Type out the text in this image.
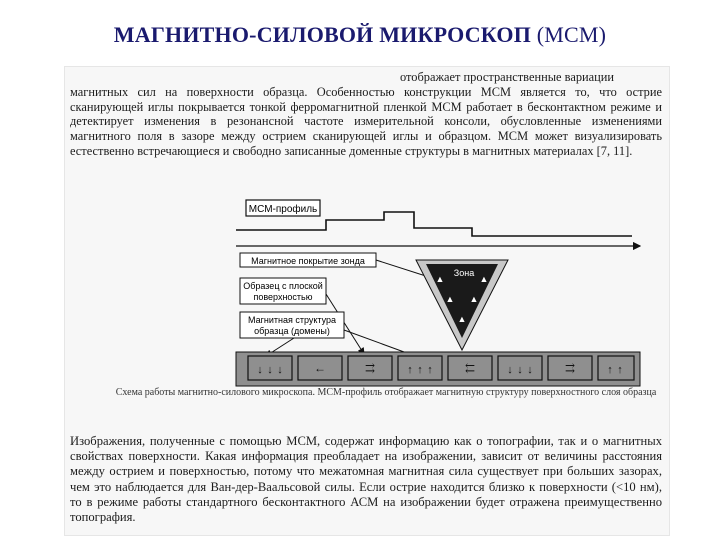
МАГНИТНО-СИЛОВОЙ МИКРОСКОП (МСМ)
отображает пространственные вариации
магнитных сил на поверхности образца. Особенностью конструкции МСМ является то, что острие сканирующей иглы покрывается тонкой ферромагнитной пленкой МСМ работает в бесконтактном режиме и детектирует изменения в резонансной частоте измерительной консоли, обусловленные изменениями магнитного поля в зазоре между острием сканирующей иглы и образцом. МСМ может визуализировать естественно встречающиеся и свободно записанные доменные структуры в магнитных материалах [7, 11].
МСМ-профиль
Магнитное покрытие зонда
Образец с плоской
поверхностью
Магнитная структура
образца (домены)
▲	▲
▲ ▲
▲
Зона
↓ ↓ ↓	←	⇉	↑ ↑ ↑	⇇	↓ ↓ ↓	⇉	↑ ↑
Схема работы магнитно-силового микроскопа. МСМ-профиль отображает магнитную структуру поверхностного слоя образца
Изображения, полученные с помощью МСМ, содержат информацию как о топографии, так и о магнитных свойствах поверхности. Какая информация преобладает на изображении, зависит от величины расстояния между острием и поверхностью, потому что межатомная магнитная сила существует при больших зазорах, чем это наблюдается для Ван-дер-Ваальсовой силы. Если острие находится близко к поверхности (<10 нм), то в режиме работы стандартного бесконтактного АСМ на изображении будет отражена преимущественно топография.
